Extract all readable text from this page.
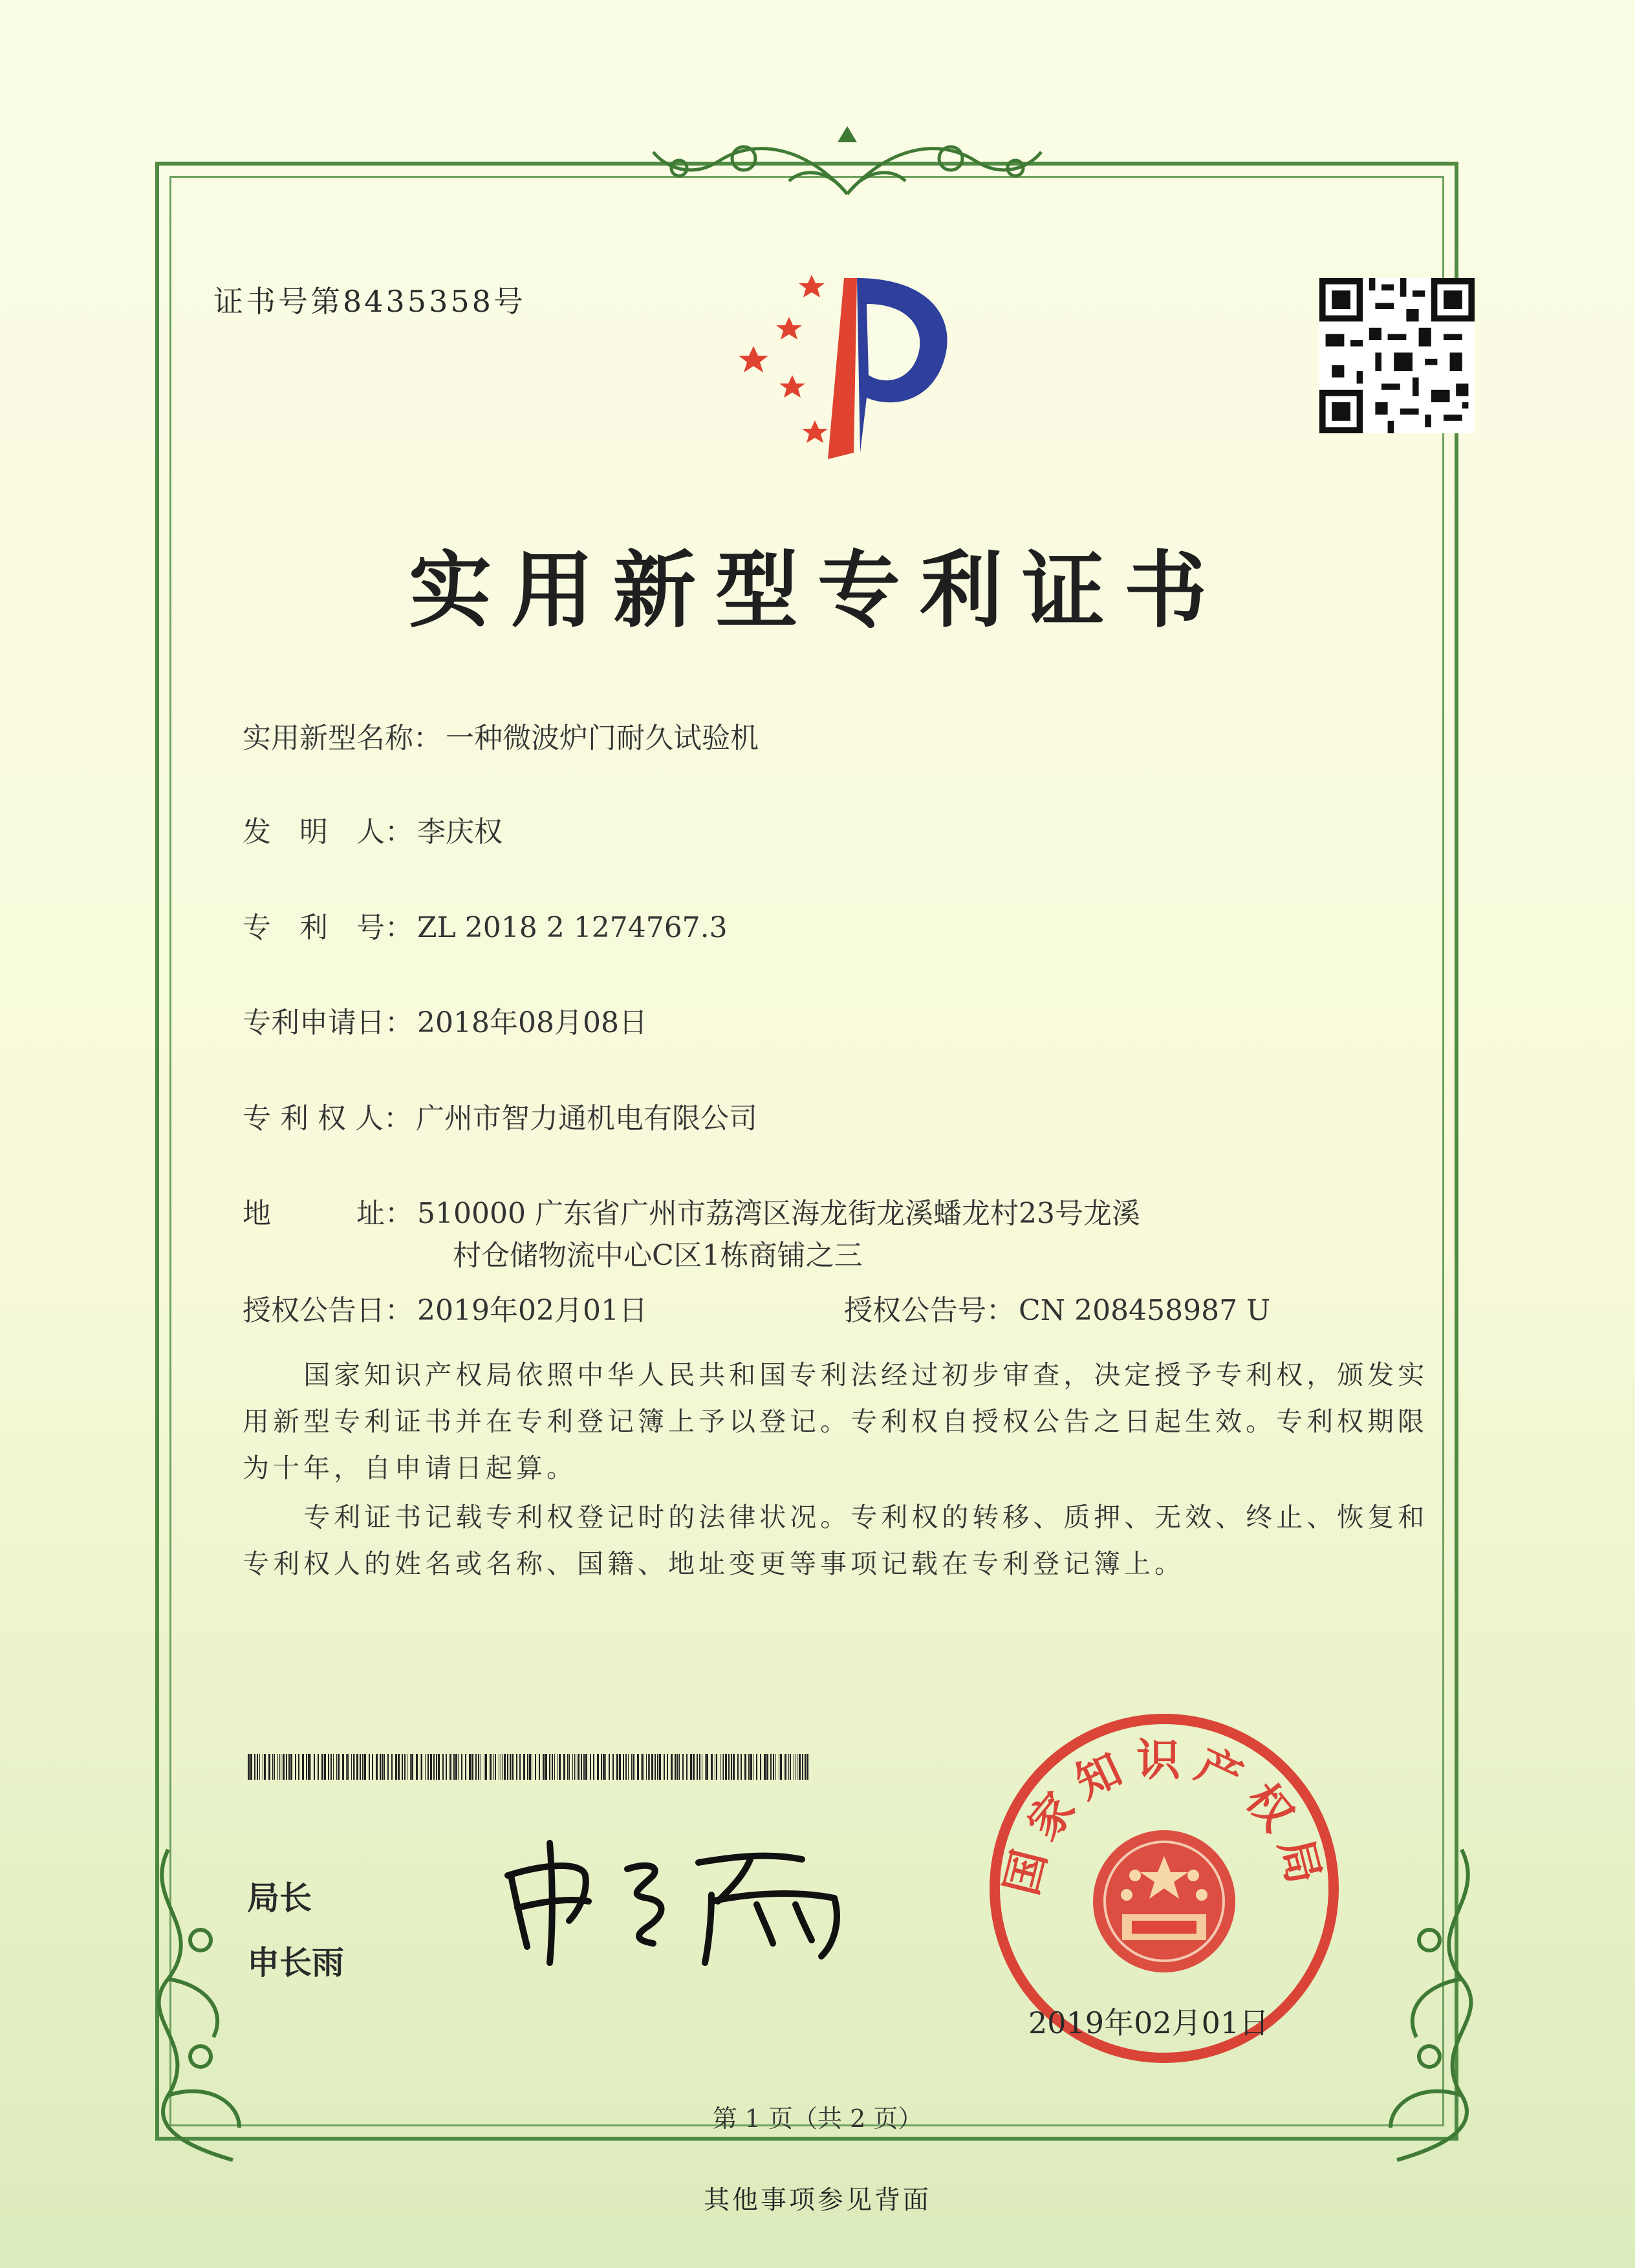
证书号第8435358号
实用新型专利证书
实用新型名称： 一种微波炉门耐久试验机
发　明　人： 李庆权
专　利　号： ZL 2018 2 1274767.3
专利申请日： 2018年08月08日
专 利 权 人： 广州市智力通机电有限公司
地　　　址： 510000 广东省广州市荔湾区海龙街龙溪蟠龙村23号龙溪
村仓储物流中心C区1栋商铺之三
授权公告日： 2019年02月01日	授权公告号： CN 208458987 U
国家知识产权局依照中华人民共和国专利法经过初步审查，决定授予专利权，颁发实用新型专利证书并在专利登记簿上予以登记。专利权自授权公告之日起生效。专利权期限为十年，自申请日起算。
专利证书记载专利权登记时的法律状况。专利权的转移、质押、无效、终止、恢复和专利权人的姓名或名称、国籍、地址变更等事项记载在专利登记簿上。
局长
申长雨
国家知识产权局
2019年02月01日
第 1 页（共 2 页）
其他事项参见背面
